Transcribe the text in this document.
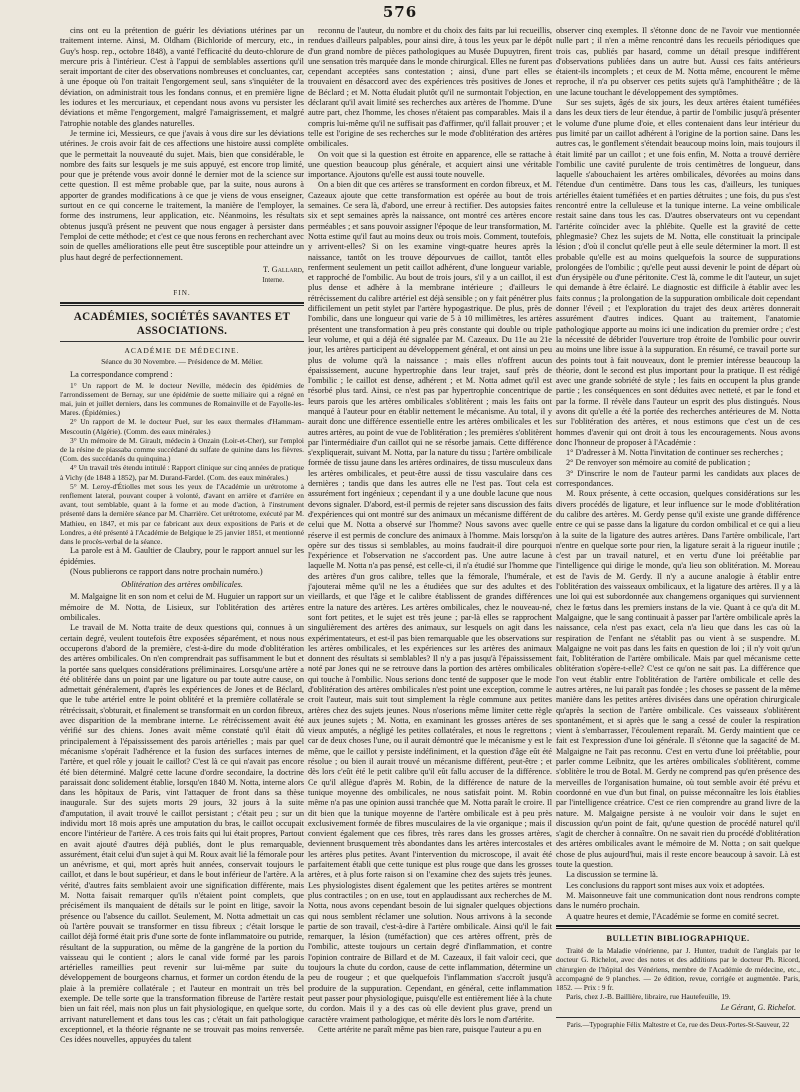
576

cins ont eu la prétention de guérir les déviations utérines par un traitement interne. Ainsi, M. Oldham (Bichloride of mercury, etc., in Guy's hosp. rep., octobre 1848), a vanté l'efficacité du deuto-chlorure de mercure pris à l'intérieur. C'est à l'appui de semblables assertions qu'il serait important de citer des observations nombreuses et concluantes, car, à une époque où l'on traitait l'engorgement seul, sans s'inquiéter de la déviation, on administrait tous les fondans connus, et en première ligne les iodures et les mercuriaux, et cependant nous avons vu persister les déviations et même l'engorgement, malgré l'amaigrissement, et malgré l'atrophie notable des glandes naturelles.

Je termine ici, Messieurs, ce que j'avais à vous dire sur les déviations utérines. Je crois avoir fait de ces affections une histoire aussi complète que le permettait la nouveauté du sujet. Mais, bien que considérable, le nombre des faits sur lesquels je me suis appuyé, est encore trop limité, pour que je prétende vous avoir donné le dernier mot de la science sur cette question. Il est même probable que, par la suite, nous aurons à apporter de grandes modifications à ce que je viens de vous enseigner, surtout en ce qui concerne le traitement, la manière de l'employer, la forme des instrumens, leur application, etc. Néanmoins, les résultats obtenus jusqu'à présent ne peuvent que nous engager à persister dans l'emploi de cette méthode; et c'est ce que nous ferons en recherchant avec soin de quelles améliorations elle peut être susceptible pour atteindre un plus haut degré de perfectionnement.

T. Gallard,

Interne.

FIN.

ACADÉMIES, SOCIÉTÉS SAVANTES ET ASSOCIATIONS.
ACADÉMIE DE MÉDECINE.
Séance du 30 Novembre. — Présidence de M. Mélier.

La correspondance comprend :

1° Un rapport de M. le docteur Neville, médecin des épidémies de l'arrondissement de Bernay, sur une épidémie de suette miliaire qui a régné en mai, juin et juillet derniers, dans les communes de Romainville et de Fayolle-les-Mares. (Épidémies.)

2° Un rapport de M. le docteur Puel, sur les eaux thermales d'Hammam-Mescoutin (Algérie). (Comm. des eaux minérales.)

3° Un mémoire de M. Girault, médecin à Onzain (Loir-et-Cher), sur l'emploi de la résine de piassaba comme succédané du sulfate de quinine dans les fièvres. (Com. des succédanés du quinquina.)

4° Un travail très étendu intitulé : Rapport clinique sur cinq années de pratique à Vichy (de 1848 à 1852), par M. Durand-Fardel. (Com. des eaux minérales.)

5° M. Leroy-d'Étiolles met sous les yeux de l'Académie un urétrotome à renflement lateral, pouvant couper à volonté, d'avant en arrière et d'arrière en avant, tout semblable, quant à la forme et au mode d'action, à l'instrument présenté dans la dernière séance par M. Charrière. Cet urétrotome, exécuté par M. Mathieu, en 1847, et mis par ce fabricant aux deux expositions de Paris et de Londres, a été présenté à l'Académie de Belgique le 25 janvier 1851, et mentionné dans le procès-verbal de la séance.

La parole est à M. Gaultier de Claubry, pour le rapport annuel sur les épidémies.

(Nous publierons ce rapport dans notre prochain numéro.)

Oblitération des artères ombilicales.

M. Malgaigne lit en son nom et celui de M. Huguier un rapport sur un mémoire de M. Notta, de Lisieux, sur l'oblitération des artères ombilicales.

Le travail de M. Notta traite de deux questions qui, connues à un certain degré, veulent toutefois être exposées séparément, et nous nous occuperons d'abord de la première, c'est-à-dire du mode d'oblitération des artères ombilicales. On n'en comprendrait pas suffisamment le but et la portée sans quelques considérations préliminaires. Lorsqu'une artère a été oblitérée dans un point par une ligature ou par toute autre cause, on admettait généralement, d'après les expériences de Jones et de Béclard, que le tube artériel entre le point oblitéré et la première collatérale se rétrécissait, s'obturait, et finalement se transformait en un cordon fibreux, avec disparition de la membrane interne. Le rétrécissement avait été vérifié sur des chiens. Jones avait même constaté qu'il était dû principalement à l'épaississement des parois artérielles ; mais par quel mécanisme s'opérait l'adhérence et la fusion des surfaces internes de l'artère, et quel rôle y jouait le caillot? C'est là ce qui n'avait pas encore été bien déterminé. Malgré cette lacune d'ordre secondaire, la doctrine paraissait donc solidement établie, lorsqu'en 1840 M. Notta, interne alors dans les hôpitaux de Paris, vint l'attaquer de front dans sa thèse inaugurale. Sur des sujets morts 29 jours, 32 jours à la suite d'amputation, il avait trouvé le caillot persistant ; c'était peu ; sur un individu mort 18 mois après une amputation du bras, le caillot occupait encore l'intérieur de l'artère. A ces trois faits qui lui était propres, Partout en avait ajouté d'autres déjà publiés, dont le plus remarquable, assurément, était celui d'un sujet à qui M. Roux avait lié la fémorale pour un anévrisme, et qui, mort après huit années, conservait toujours le caillot, et dans le bout supérieur, et dans le bout inférieur de l'artère. A la vérité, d'autres faits semblaient avoir une signification différente, mais M. Notta faisait remarquer qu'ils n'étaient point complets, que précisément ils manquaient de détails sur le point en litige, savoir la présence ou l'absence du caillot. Seulement, M. Notta admettait un cas où l'artère pouvait se transformer en tissu fibreux ; c'était lorsque le caillot déjà formé était pris d'une sorte de fonte inflammatoire ou putride, résultant de la suppuration, ou même de la gangrène de la portion du vaisseau qui le contient ; alors le canal vide formé par les parois artérielles rameillies peut revenir sur lui-même par suite du développement de bourgeons charnus, et former un cordon étendu de la plaie à la première collatérale ; et l'auteur en montrait un très bel exemple. De telle sorte que la transformation fibreuse de l'artère restait bien un fait réel, mais non plus un fait physiologique, en quelque sorte, arrivant naturellement et dans tous les cas ; c'était un fait pathologique exceptionnel, et la théorie régnante ne se trouvait pas moins renversée. Ces idées nouvelles, appuyées du talent

reconnu de l'auteur, du nombre et du choix des faits par lui recueillis, rendues d'ailleurs palpables, pour ainsi dire, à tous les yeux par le dépôt d'un grand nombre de pièces pathologiques au Musée Dupuytren, firent une sensation très marquée dans le monde chirurgical. Elles ne furent pas cependant acceptées sans contestation ; ainsi, d'une part elles se trouvaient en désaccord avec des expériences très positives de Jones et de Béclard ; et M. Notta éludait plutôt qu'il ne surmontait l'objection, en déclarant qu'il avait limité ses recherches aux artères de l'homme. D'une autre part, chez l'homme, les choses n'étaient pas comparables. Mais il a compris lui-même qu'il ne suffisait pas d'affirmer, qu'il fallait prouver ; et telle est l'origine de ses recherches sur le mode d'oblitération des artères ombilicales.

On voit que si la question est étroite en apparence, elle se rattache à une question beaucoup plus générale, et acquiert ainsi une véritable importance. Ajoutons qu'elle est aussi toute nouvelle.

On a bien dit que ces artères se transforment en cordon fibreux, et M. Cazeaux ajoute que cette transformation est opérée au bout de trois semaines. Ce sera là, d'abord, une erreur à rectifier. Des autopsies faites six et sept semaines après la naissance, ont montré ces artères encore perméables ; et sans pouvoir assigner l'époque de leur transformation, M. Notta estime qu'il faut au moins deux ou trois mois. Comment, toutefois, y arrivent-elles? Si on les examine vingt-quatre heures après la naissance, tantôt on les trouve dépourvues de caillot, tantôt elles renferment seulement un petit caillot adhérent, d'une longueur variable, et rapproché de l'ombilic. Au bout de trois jours, s'il y a un caillot, il est plus dense et adhère à la membrane intérieure ; d'ailleurs le rétrécissement du calibre artériel est déjà sensible ; on y fait pénétrer plus difficilement un petit stylet par l'artère hypogastrique. De plus, près de l'ombilic, dans une longueur qui varie de 5 à 10 millimètres, les artères présentent une transformation à peu près constante qui double ou triple leur volume, et qui a déjà été signalée par M. Cazeaux. Du 11e au 21e jour, les artères participent au développement général, et ont ainsi un peu plus de volume qu'à la naissance ; mais elles n'offrent aucun épaississement, aucune hypertrophie dans leur trajet, sauf près de l'ombilic ; le caillot est dense, adhérent ; et M. Notta admet qu'il est résorbé plus tard. Ainsi, ce n'est pas par hypertrophie concentrique de leurs parois que les artères ombilicales s'oblitèrent ; mais les faits ont manqué à l'auteur pour en établir nettement le mécanisme. Au total, il y aurait donc une différence essentielle entre les artères ombilicales et les autres artères, au point de vue de l'oblitération ; les premières s'oblitèrent par l'intermédiaire d'un caillot qui ne se résorbe jamais. Cette différence s'expliquerait, suivant M. Notta, par la nature du tissu ; l'artère ombilicale formée de tissu jaune dans les artères ordinaires, de tissu musculeux dans les artères ombilicales, et peut-être aussi de tissu vasculaire dans ces dernières ; tandis que dans les autres elle ne l'est pas. Tout cela est assurément fort ingénieux ; cependant il y a une double lacune que nous devons signaler. D'abord, est-il permis de rejeter sans discussion des faits d'expériences qui ont montré sur des animaux un mécanisme différent de celui que M. Notta a observé sur l'homme? Nous savons avec quelle réserve il est permis de conclure des animaux à l'homme. Mais lorsqu'on opère sur des tissus si semblables, au moins faudrait-il dire pourquoi l'expérience et l'observation ne s'accordent pas. Une autre lacune à laquelle M. Notta n'a pas pensé, est celle-ci, il n'a étudié sur l'homme que des artères d'un gros calibre, telles que la fémorale, l'humérale, et j'ajouterai même qu'il ne les a étudiées que sur des adultes et des vieillards, et que l'âge et le calibre établissent de grandes différences entre la nature des artères. Les artères ombilicales, chez le nouveau-né, sont fort petites, et le sujet est très jeune ; par-là elles se rapprochent singulièrement des artères des animaux, sur lesquels on agit dans les expérimentateurs, et est-il pas bien remarquable que les observations sur les artères ombilicales, et les expériences sur les artères des animaux donnent des résultats si semblables? Il n'y a pas jusqu'à l'épaississement noté par Jones qui ne se retrouve dans la portion des artères ombilicales qui touche à l'ombilic. Nous serions donc tenté de supposer que le mode d'oblitération des artères ombilicales n'est point une exception, comme le croit l'auteur, mais suit tout simplement la règle commune aux petites artères chez des sujets jeunes. Nous n'oserions même limiter cette règle aux jeunes sujets ; M. Notta, en examinant les grosses artères de ses vieux amputés, a négligé les petites collatérales, et nous le regrettons ; car de deux choses l'une, ou il aurait démontré que le mécanisme y est le même, que le caillot y persiste indéfiniment, et la question d'âge eût été résolue ; ou bien il aurait trouvé un mécanisme différent, peut-être ; et dès lors c'eût été le petit calibre qu'il eût fallu accuser de la différence. Ce qu'il allègue d'après M. Robin, de la différence de nature de la tunique moyenne des ombilicales, ne nous satisfait point. M. Robin même n'a pas une opinion aussi tranchée que M. Notta paraît le croire. Il dit bien que la tunique moyenne de l'artère ombilicale est à peu près exclusivement formée de fibres musculaires de la vie organique ; mais il convient également que ces fibres, très rares dans les grosses artères, deviennent brusquement très abondantes dans les artères intercostales et les artères plus petites. Avant l'intervention du microscope, il avait été parfaitement établi que cette tunique est plus rouge que dans les grosses artères, et à plus forte raison si on l'examine chez des sujets très jeunes. Les physiologistes disent également que les petites artères se montrent plus contractiles ; on en use, tout en applaudissant aux recherches de M. Notta, nous avons cependant besoin de lui signaler quelques objections qui nous semblent réclamer une solution. Nous arrivons à la seconde partie de son travail, c'est-à-dire à l'artère ombilicale. Ainsi qu'il le fait remarquer, la lésion (tuméfaction) que ces artères offrent, près de l'ombilic, atteste toujours un certain degré d'inflammation, et contre l'opinion contraire de Billard et de M. Cazeaux, il fait valoir ceci, que toujours la chute du cordon, cause de cette inflammation, détermine un peu de rougeur ; et que quelquefois l'inflammation s'accroît jusqu'à produire de la suppuration. Cependant, en général, cette inflammation peut passer pour physiologique, puisqu'elle est entièrement liée à la chute du cordon. Mais il y a des cas où elle devient plus grave, prend un caractère vraiment pathologique, et mérite dès lors le nom d'artérite.

Cette artérite ne paraît même pas bien rare, puisque l'auteur a pu en

observer cinq exemples. Il s'étonne donc de ne l'avoir vue mentionnée nulle part ; il n'en a même rencontré dans les recueils périodiques que trois cas, publiés par hasard, comme un détail presque indifférent d'observations publiées dans un autre but. Aussi ces faits antérieurs étaient-ils incomplets ; et ceux de M. Notta même, encourent le même reproche, il n'a pu observer ces petits sujets qu'à l'amphithéâtre ; de là une lacune touchant le développement des symptômes.

Sur ses sujets, âgés de six jours, les deux artères étaient tuméfiées dans les deux tiers de leur étendue, à partir de l'ombilic jusqu'à présenter le volume d'une plume d'oie, et elles contenaient dans leur intérieur du pus limité par un caillot adhérent à l'origine de la portion saine. Dans les autres cas, le gonflement s'étendait beaucoup moins loin, mais toujours il était limité par un caillot ; et une fois enfin, M. Notta a trouvé derrière l'ombilic une cavité purulente de trois centimètres de longueur, dans laquelle s'abouchaient les artères ombilicales, dévorées au moins dans l'étendue d'un centimètre. Dans tous les cas, d'ailleurs, les tuniques artérielles étaient tuméfiées et en parties détruites ; une fois, du pus s'est rencontré entre la celluleuse et la tunique interne. La veine ombilicale restait saine dans tous les cas. D'autres observateurs ont vu cependant l'artérite coïncider avec la phlébite. Quelle est la gravité de cette phlegmasie? Chez les sujets de M. Notta, elle constituait la principale lésion ; d'où il conclut qu'elle peut à elle seule déterminer la mort. Il est probable qu'elle est au moins quelquefois la source de suppurations prolongées de l'ombilic ; qu'elle peut aussi devenir le point de départ où d'un érysipèle ou d'une péritonite. C'est là, comme le dit l'auteur, un sujet qui demande à être éclairé. Le diagnostic est difficile à établir avec les faits connus ; la prolongation de la suppuration ombilicale doit cependant donner l'éveil ; et l'exploration du trajet des deux artères donnerait assurément d'autres indices. Quant au traitement, l'anatomie pathologique apporte au moins ici une indication du premier ordre ; c'est la nécessité de débrider l'ouverture trop étroite de l'ombilic pour ouvrir au moins une libre issue à la suppuration. En résumé, ce travail porte sur des points tout à fait nouveaux, dont le premier intéresse beaucoup la théorie, dont le second est plus important pour la pratique. Il est rédigé avec une grande sobriété de style ; les faits en occupent la plus grande partie ; les conséquences en sont déduites avec netteté, et par le fond et par la forme. Il révèle dans l'auteur un esprit des plus distingués. Nous avons dit qu'elle a été la portée des recherches antérieures de M. Notta sur l'oblitération des artères, et nous estimons que c'est un de ces hommes d'avenir qui ont droit à tous les encouragements. Nous avons donc l'honneur de proposer à l'Académie :

1° D'adresser à M. Notta l'invitation de continuer ses recherches ;

2° De renvoyer son mémoire au comité de publication ;

3° D'inscrire le nom de l'auteur parmi les candidats aux places de correspondances.

M. Roux présente, à cette occasion, quelques considérations sur les divers procédés de ligature, et leur influence sur le mode d'oblitération du calibre des artères. M. Gerdy pense qu'il existe une grande différence entre ce qui se passe dans la ligature du cordon ombilical et ce qui a lieu à la suite de la ligature des autres artères. Dans l'artère ombilicale, l'art n'entre en quelque sorte pour rien, la ligature serait à la rigueur inutile ; c'est par un travail naturel, et en vertu d'une loi préétablie par l'intelligence qui dirige le monde, qu'a lieu son oblitération. M. Moreau est de l'avis de M. Gerdy. Il n'y a aucune analogie à établir entre l'oblitération des vaisseaux ombilicaux, et la ligature des artères. Il y a là une loi qui est subordonnée aux changemens organiques qui surviennent chez le fœtus dans les premiers instans de la vie. Quant à ce qu'a dit M. Malgaigne, que le sang continuait à passer par l'artère ombilicale après la naissance, cela n'est pas exact, cela n'a lieu que dans les cas où la respiration de l'enfant ne s'établit pas ou vient à se suspendre. M. Malgaigne ne voit pas dans les faits en question de loi ; il n'y voit qu'un fait, l'oblitération de l'artère ombilicale. Mais par quel mécanisme cette oblitération s'opère-t-elle? C'est ce qu'on ne sait pas. La différence que l'on veut établir entre l'oblitération de l'artère ombilicale et celle des autres artères, ne lui paraît pas fondée ; les choses se passent de la même manière dans les petites artères divisées dans une opération chirurgicale qu'après la section de l'artère ombilicale. Ces vaisseaux s'oblitèrent spontanément, et si après que le sang a cessé de couler la respiration vient à s'embarrasser, l'écoulement reparaît. M. Gerdy maintient que ce fait est l'expression d'une loi générale. Il s'étonne que la sagacité de M. Malgaigne ne l'ait pas reconnu. C'est en vertu d'une loi préétablie, pour parler comme Leibnitz, que les artères ombilicales s'oblitèrent, comme s'oblitère le trou de Botal. M. Gerdy ne comprend pas qu'en présence des merveilles de l'organisation humaine, où tout semble avoir été prévu et coordonné en vue d'un but final, on puisse méconnaître les lois établies par l'intelligence créatrice. C'est ce rien comprendre au grand livre de la nature. M. Malgaigne persiste à ne vouloir voir dans le sujet en discussion qu'un point de fait, qu'une question de procédé naturel qu'il s'agit de chercher à connaître. On ne savait rien du procédé d'oblitération des artères ombilicales avant le mémoire de M. Notta ; on sait quelque chose de plus aujourd'hui, mais il reste encore beaucoup à savoir. Là est toute la question.

La discussion se termine là.

Les conclusions du rapport sont mises aux voix et adoptées.

M. Maisonneuve fait une communication dont nous rendrons compte dans le numéro prochain.

A quatre heures et demie, l'Académie se forme en comité secret.

BULLETIN BIBLIOGRAPHIQUE.

Traité de la Maladie vénérienne, par J. Hunter, traduit de l'anglais par le docteur G. Richelot, avec des notes et des additions par le docteur Ph. Ricord, chirurgien de l'hôpital des Vénériens, membre de l'Académie de médecine, etc., accompagné de 9 planches. — 2e édition, revue, corrigée et augmentée. Paris, 1852. — Prix : 9 fr.

Paris, chez J.-B. Baillière, libraire, rue Hautefeuille, 19.

Le Gérant, G. Richelot.
Paris.—Typographie Félix Maltestre et Ce, rue des Deux-Portes-St-Sauveur, 22
